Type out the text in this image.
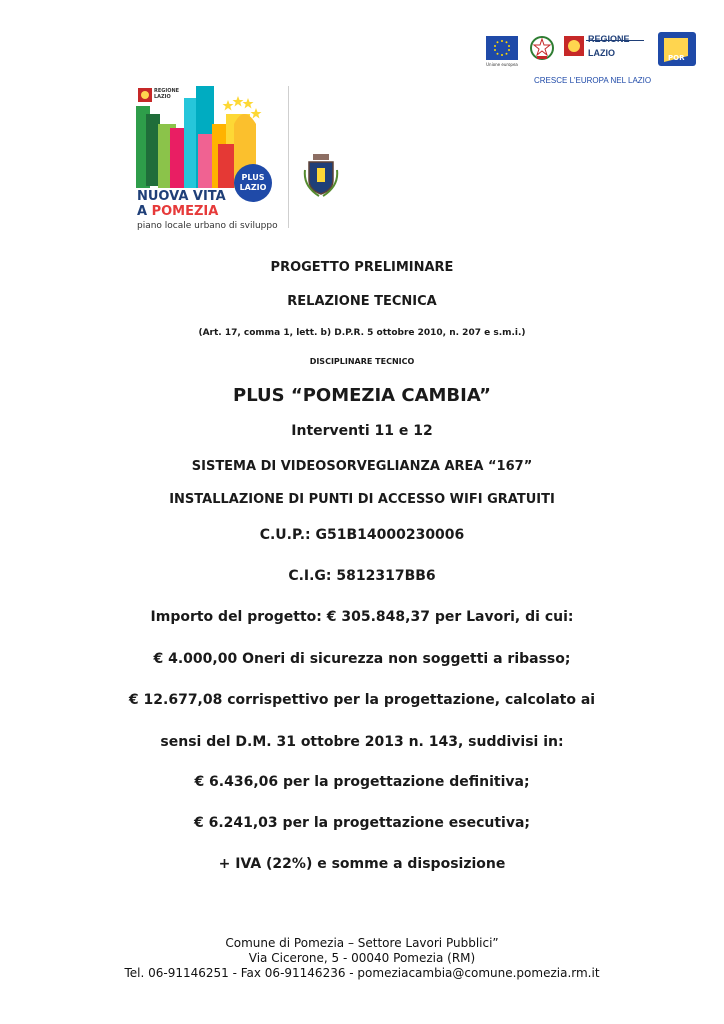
Unione europea
REGIONE
LAZIO	POR
CRESCE L'EUROPA NEL LAZIO
REGIONE
LAZIO
PLUS
LAZIO
NUOVA VITA
A POMEZIA
piano locale urbano di sviluppo
PROGETTO PRELIMINARE
RELAZIONE TECNICA
(Art. 17, comma 1, lett. b) D.P.R. 5 ottobre 2010, n. 207 e s.m.i.)
DISCIPLINARE TECNICO
PLUS “POMEZIA CAMBIA”
Interventi 11 e 12
SISTEMA DI VIDEOSORVEGLIANZA AREA “167”
INSTALLAZIONE DI PUNTI DI ACCESSO WIFI GRATUITI
C.U.P.: G51B14000230006
C.I.G: 5812317BB6
Importo del progetto: € 305.848,37 per Lavori, di cui:
€ 4.000,00 Oneri di sicurezza non soggetti a ribasso;
€ 12.677,08 corrispettivo per la progettazione, calcolato ai
sensi del D.M. 31 ottobre 2013 n. 143, suddivisi in:
€ 6.436,06 per la progettazione definitiva;
€ 6.241,03 per la progettazione esecutiva;
+ IVA (22%) e somme a disposizione
Comune di Pomezia – Settore Lavori Pubblici”
Via Cicerone, 5 - 00040 Pomezia (RM)
Tel. 06-91146251 - Fax 06-91146236 - pomeziacambia@comune.pomezia.rm.it
